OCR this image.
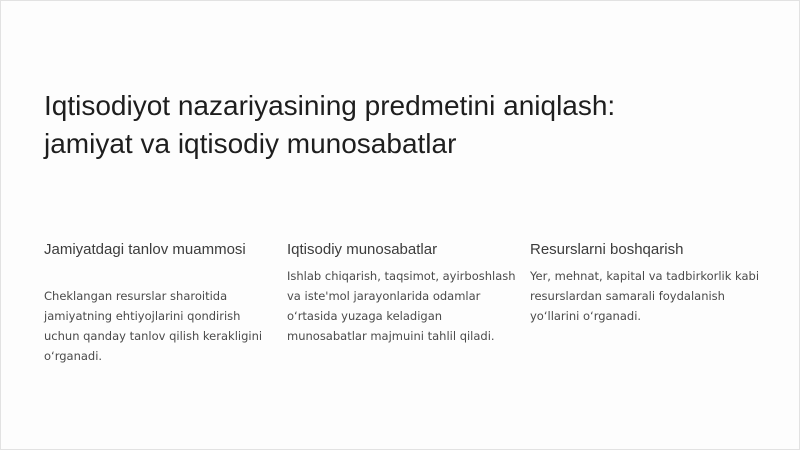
Iqtisodiyot nazariyasining predmetini aniqlash:
jamiyat va iqtisodiy munosabatlar

Jamiyatdagi tanlov muammosi

Cheklangan resurslar sharoitida jamiyatning ehtiyojlarini qondirish uchun qanday tanlov qilish kerakligini o‘rganadi.

Iqtisodiy munosabatlar

Ishlab chiqarish, taqsimot, ayirboshlash va iste'mol jarayonlarida odamlar o‘rtasida yuzaga keladigan munosabatlar majmuini tahlil qiladi.

Resurslarni boshqarish

Yer, mehnat, kapital va tadbirkorlik kabi resurslardan samarali foydalanish yo‘llarini o‘rganadi.
